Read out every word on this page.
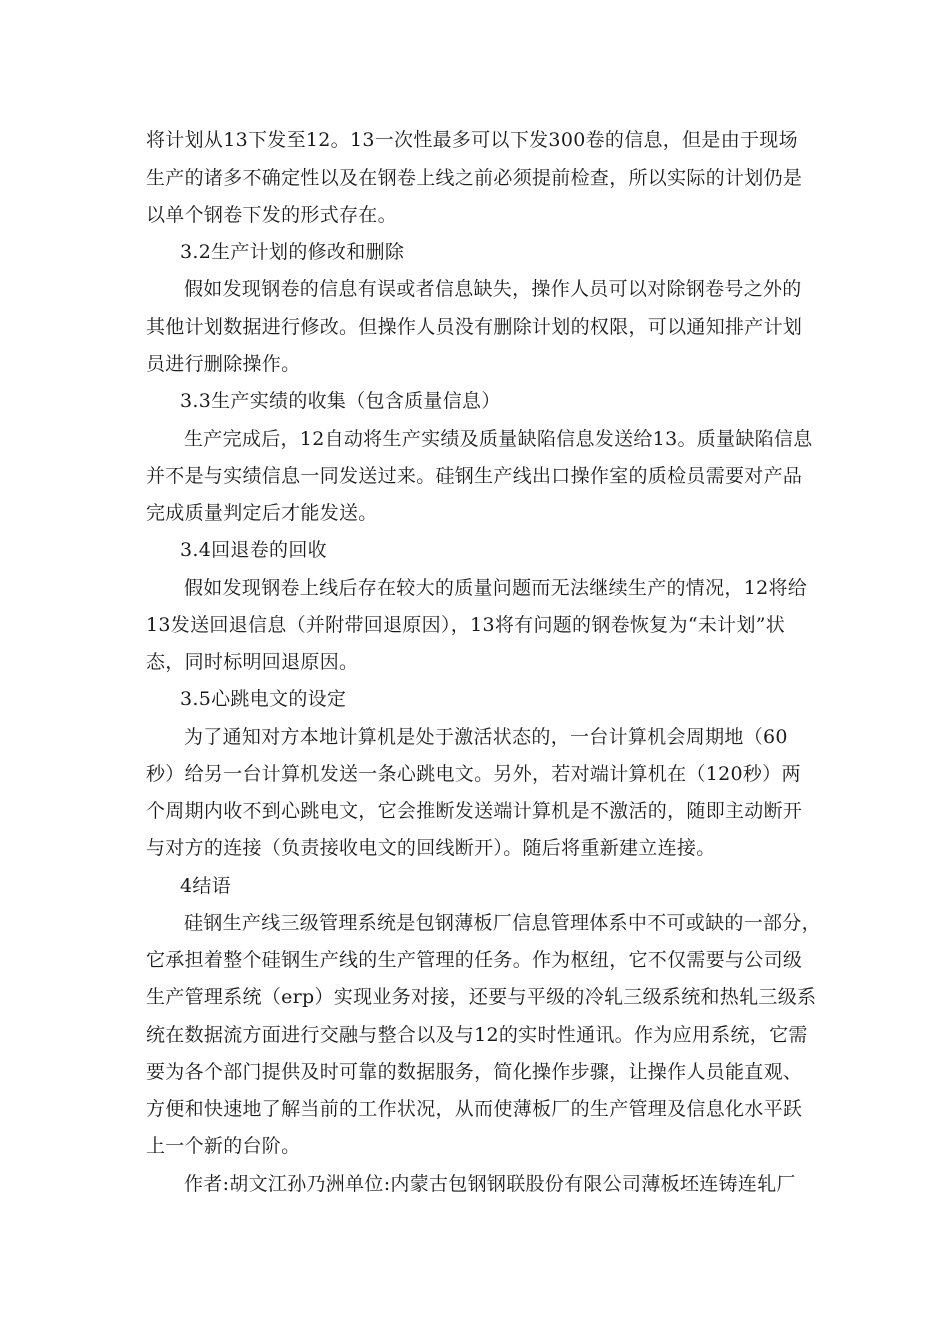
将计划从13下发至12。13一次性最多可以下发300卷的信息，但是由于现场
生产的诸多不确定性以及在钢卷上线之前必须提前检查，所以实际的计划仍是
以单个钢卷下发的形式存在。
3.2生产计划的修改和删除
假如发现钢卷的信息有误或者信息缺失，操作人员可以对除钢卷号之外的
其他计划数据进行修改。但操作人员没有删除计划的权限，可以通知排产计划
员进行删除操作。
3.3生产实绩的收集（包含质量信息）
生产完成后，12自动将生产实绩及质量缺陷信息发送给13。质量缺陷信息
并不是与实绩信息一同发送过来。硅钢生产线出口操作室的质检员需要对产品
完成质量判定后才能发送。
3.4回退卷的回收
假如发现钢卷上线后存在较大的质量问题而无法继续生产的情况，12将给
13发送回退信息（并附带回退原因），13将有问题的钢卷恢复为“未计划”状
态，同时标明回退原因。
3.5心跳电文的设定
为了通知对方本地计算机是处于激活状态的，一台计算机会周期地（60
秒）给另一台计算机发送一条心跳电文。另外，若对端计算机在（120秒）两
个周期内收不到心跳电文，它会推断发送端计算机是不激活的，随即主动断开
与对方的连接（负责接收电文的回线断开）。随后将重新建立连接。
4结语
硅钢生产线三级管理系统是包钢薄板厂信息管理体系中不可或缺的一部分，
它承担着整个硅钢生产线的生产管理的任务。作为枢纽，它不仅需要与公司级
生产管理系统（erp）实现业务对接，还要与平级的冷轧三级系统和热轧三级系
统在数据流方面进行交融与整合以及与12的实时性通讯。作为应用系统，它需
要为各个部门提供及时可靠的数据服务，简化操作步骤，让操作人员能直观、
方便和快速地了解当前的工作状况，从而使薄板厂的生产管理及信息化水平跃
上一个新的台阶。
作者:胡文江孙乃洲单位:内蒙古包钢钢联股份有限公司薄板坯连铸连轧厂
